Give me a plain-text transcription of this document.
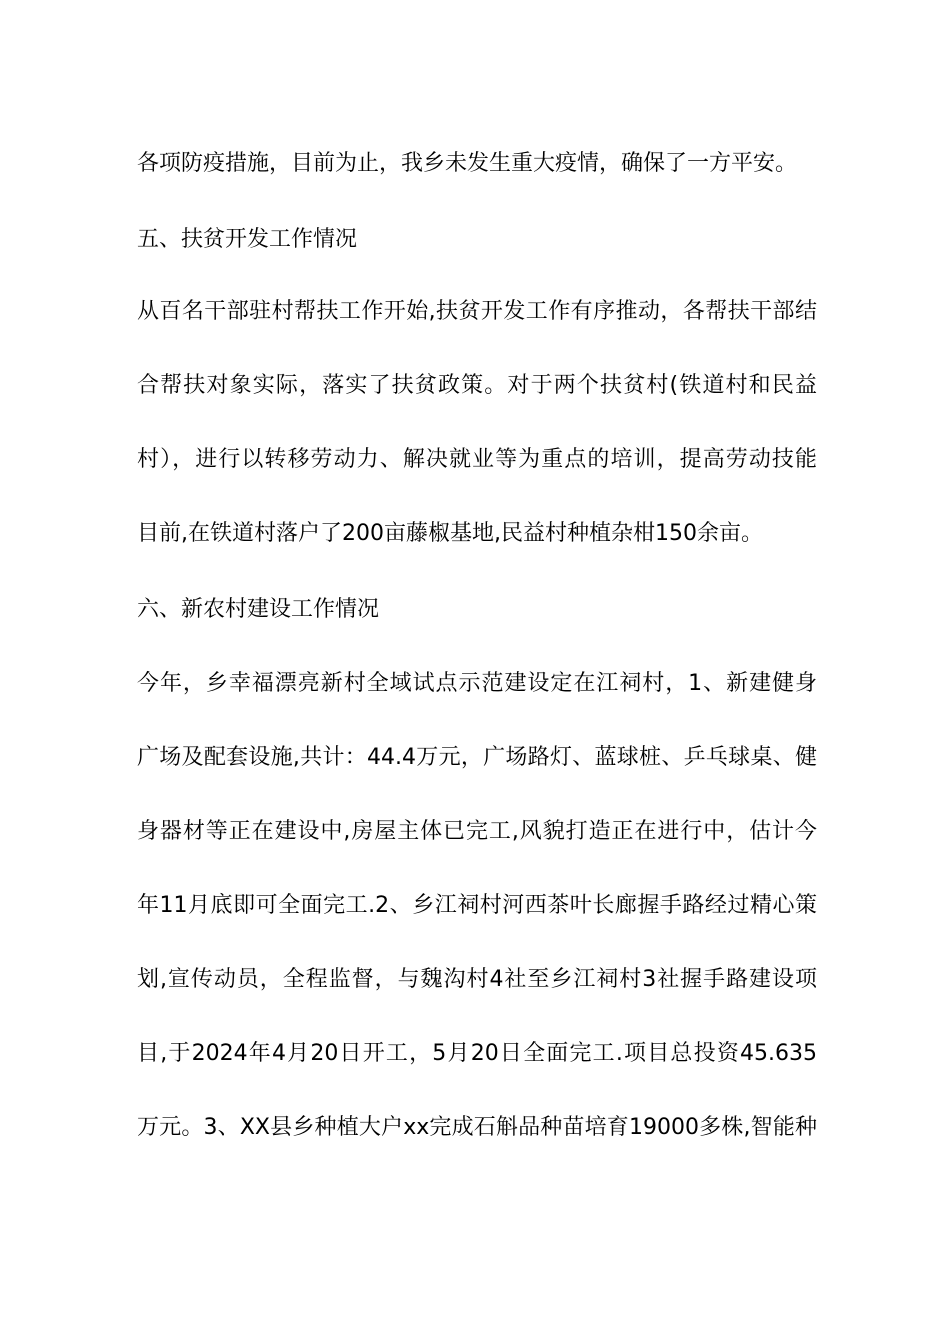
各项防疫措施，目前为止，我乡未发生重大疫情，确保了一方平安。
五、扶贫开发工作情况
从百名干部驻村帮扶工作开始,扶贫开发工作有序推动，各帮扶干部结
合帮扶对象实际，落实了扶贫政策。对于两个扶贫村(铁道村和民益
村），进行以转移劳动力、解决就业等为重点的培训，提高劳动技能
目前,在铁道村落户了200亩藤椒基地,民益村种植杂柑150余亩。
六、新农村建设工作情况
今年，乡幸福漂亮新村全域试点示范建设定在江祠村，1、新建健身
广场及配套设施,共计：44.4万元，广场路灯、蓝球桩、乒乓球桌、健
身器材等正在建设中,房屋主体已完工,风貌打造正在进行中，估计今
年11月底即可全面完工.2、乡江祠村河西茶叶长廊握手路经过精心策
划,宣传动员，全程监督，与魏沟村4社至乡江祠村3社握手路建设项
目,于2024年4月20日开工，5月20日全面完工.项目总投资45.635
万元。3、XX县乡种植大户xx完成石斛品种苗培育19000多株,智能种
